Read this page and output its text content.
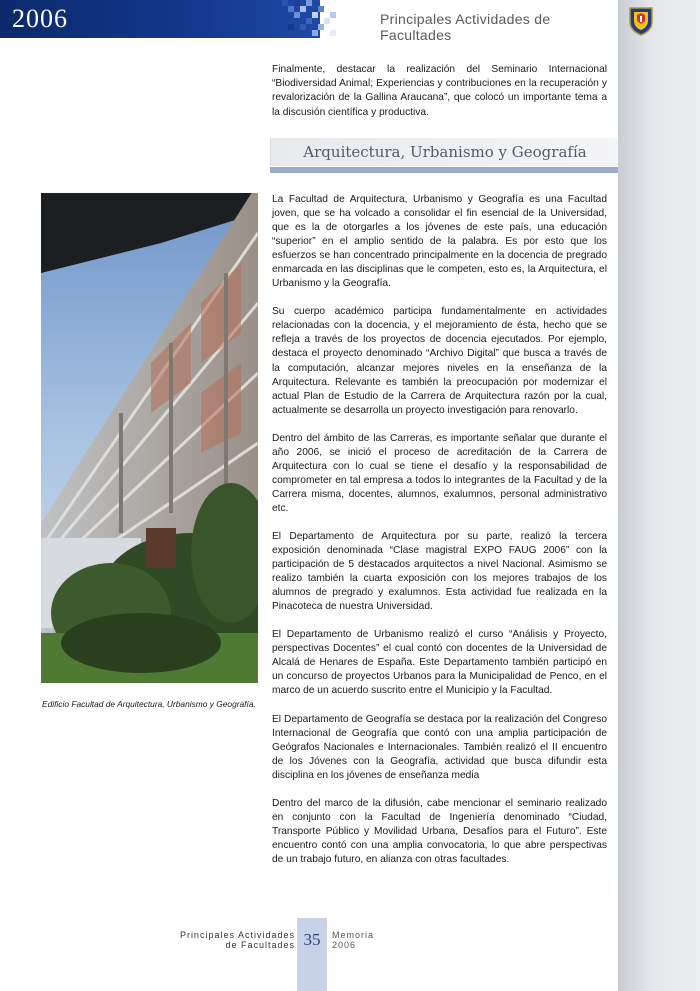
2006	Principales Actividades de Facultades
Finalmente, destacar la realización del Seminario Internacional “Biodiversidad Animal; Experiencias y contribuciones en la recuperación y revalorización de la Gallina Araucana”, que colocó un importante tema a la discusión científica y productiva.
Arquitectura, Urbanismo y Geografía
Edificio Facultad de Arquitectura, Urbanismo y Geografía.

La Facultad de Arquitectura, Urbanismo y Geografía es una Facultad joven, que se ha volcado a consolidar el fin esencial de la Universidad, que es la de otorgarles a los jóvenes de este país, una educación “superior” en el amplio sentido de la palabra. Es por esto que los esfuerzos se han concentrado principalmente en la docencia de pregrado enmarcada en las disciplinas que le competen, esto es, la Arquitectura, el Urbanismo y la Geografía.

Su cuerpo académico participa fundamentalmente en actividades relacionadas con la docencia, y el mejoramiento de ésta, hecho que se refleja a través de los proyectos de docencia ejecutados. Por ejemplo, destaca el proyecto denominado “Archivo Digital” que busca a través de la computación, alcanzar mejores niveles en la enseñanza de la Arquitectura. Relevante es también la preocupación por modernizar el actual Plan de Estudio de la Carrera de Arquitectura razón por la cual, actualmente se desarrolla un proyecto investigación para renovarlo.

Dentro del ámbito de las Carreras, es importante señalar que durante el año 2006, se inició el proceso de acreditación de la Carrera de Arquitectura con lo cual se tiene el desafío y la responsabilidad de comprometer en tal empresa a todos lo integrantes de la Facultad y de la Carrera misma, docentes, alumnos, exalumnos, personal administrativo etc.

El Departamento de Arquitectura por su parte, realizó la tercera exposición denominada “Clase magistral EXPO FAUG 2006” con la participación de 5 destacados arquitectos a nivel Nacional. Asimismo se realizo también la cuarta exposición con los mejores trabajos de los alumnos de pregrado y exalumnos. Esta actividad fue realizada en la Pinacoteca de nuestra Universidad.

El Departamento de Urbanismo realizó el curso “Análisis y Proyecto, perspectivas Docentes” el cual contó con docentes de la Universidad de Alcalá de Henares de España. Este Departamento también participó en un concurso de proyectos Urbanos para la Municipalidad de Penco, en el marco de un acuerdo suscrito entre el Municipio y la Facultad.

El Departamento de Geografía se destaca por la realización del Congreso Internacional de Geografía que contó con una amplia participación de Geógrafos Nacionales e Internacionales. También realizó el II encuentro de los Jóvenes con la Geografía, actividad que busca difundir esta disciplina en los jóvenes de enseñanza media

Dentro del marco de la difusión, cabe mencionar el seminario realizado en conjunto con la Facultad de Ingeniería denominado “Ciudad, Transporte Público y Movilidad Urbana, Desafíos para el Futuro”. Este encuentro contó con una amplia convocatoria, lo que abre perspectivas de un trabajo futuro, en alianza con otras facultades.

Principales Actividades
de Facultades 35	Memoria
2006
